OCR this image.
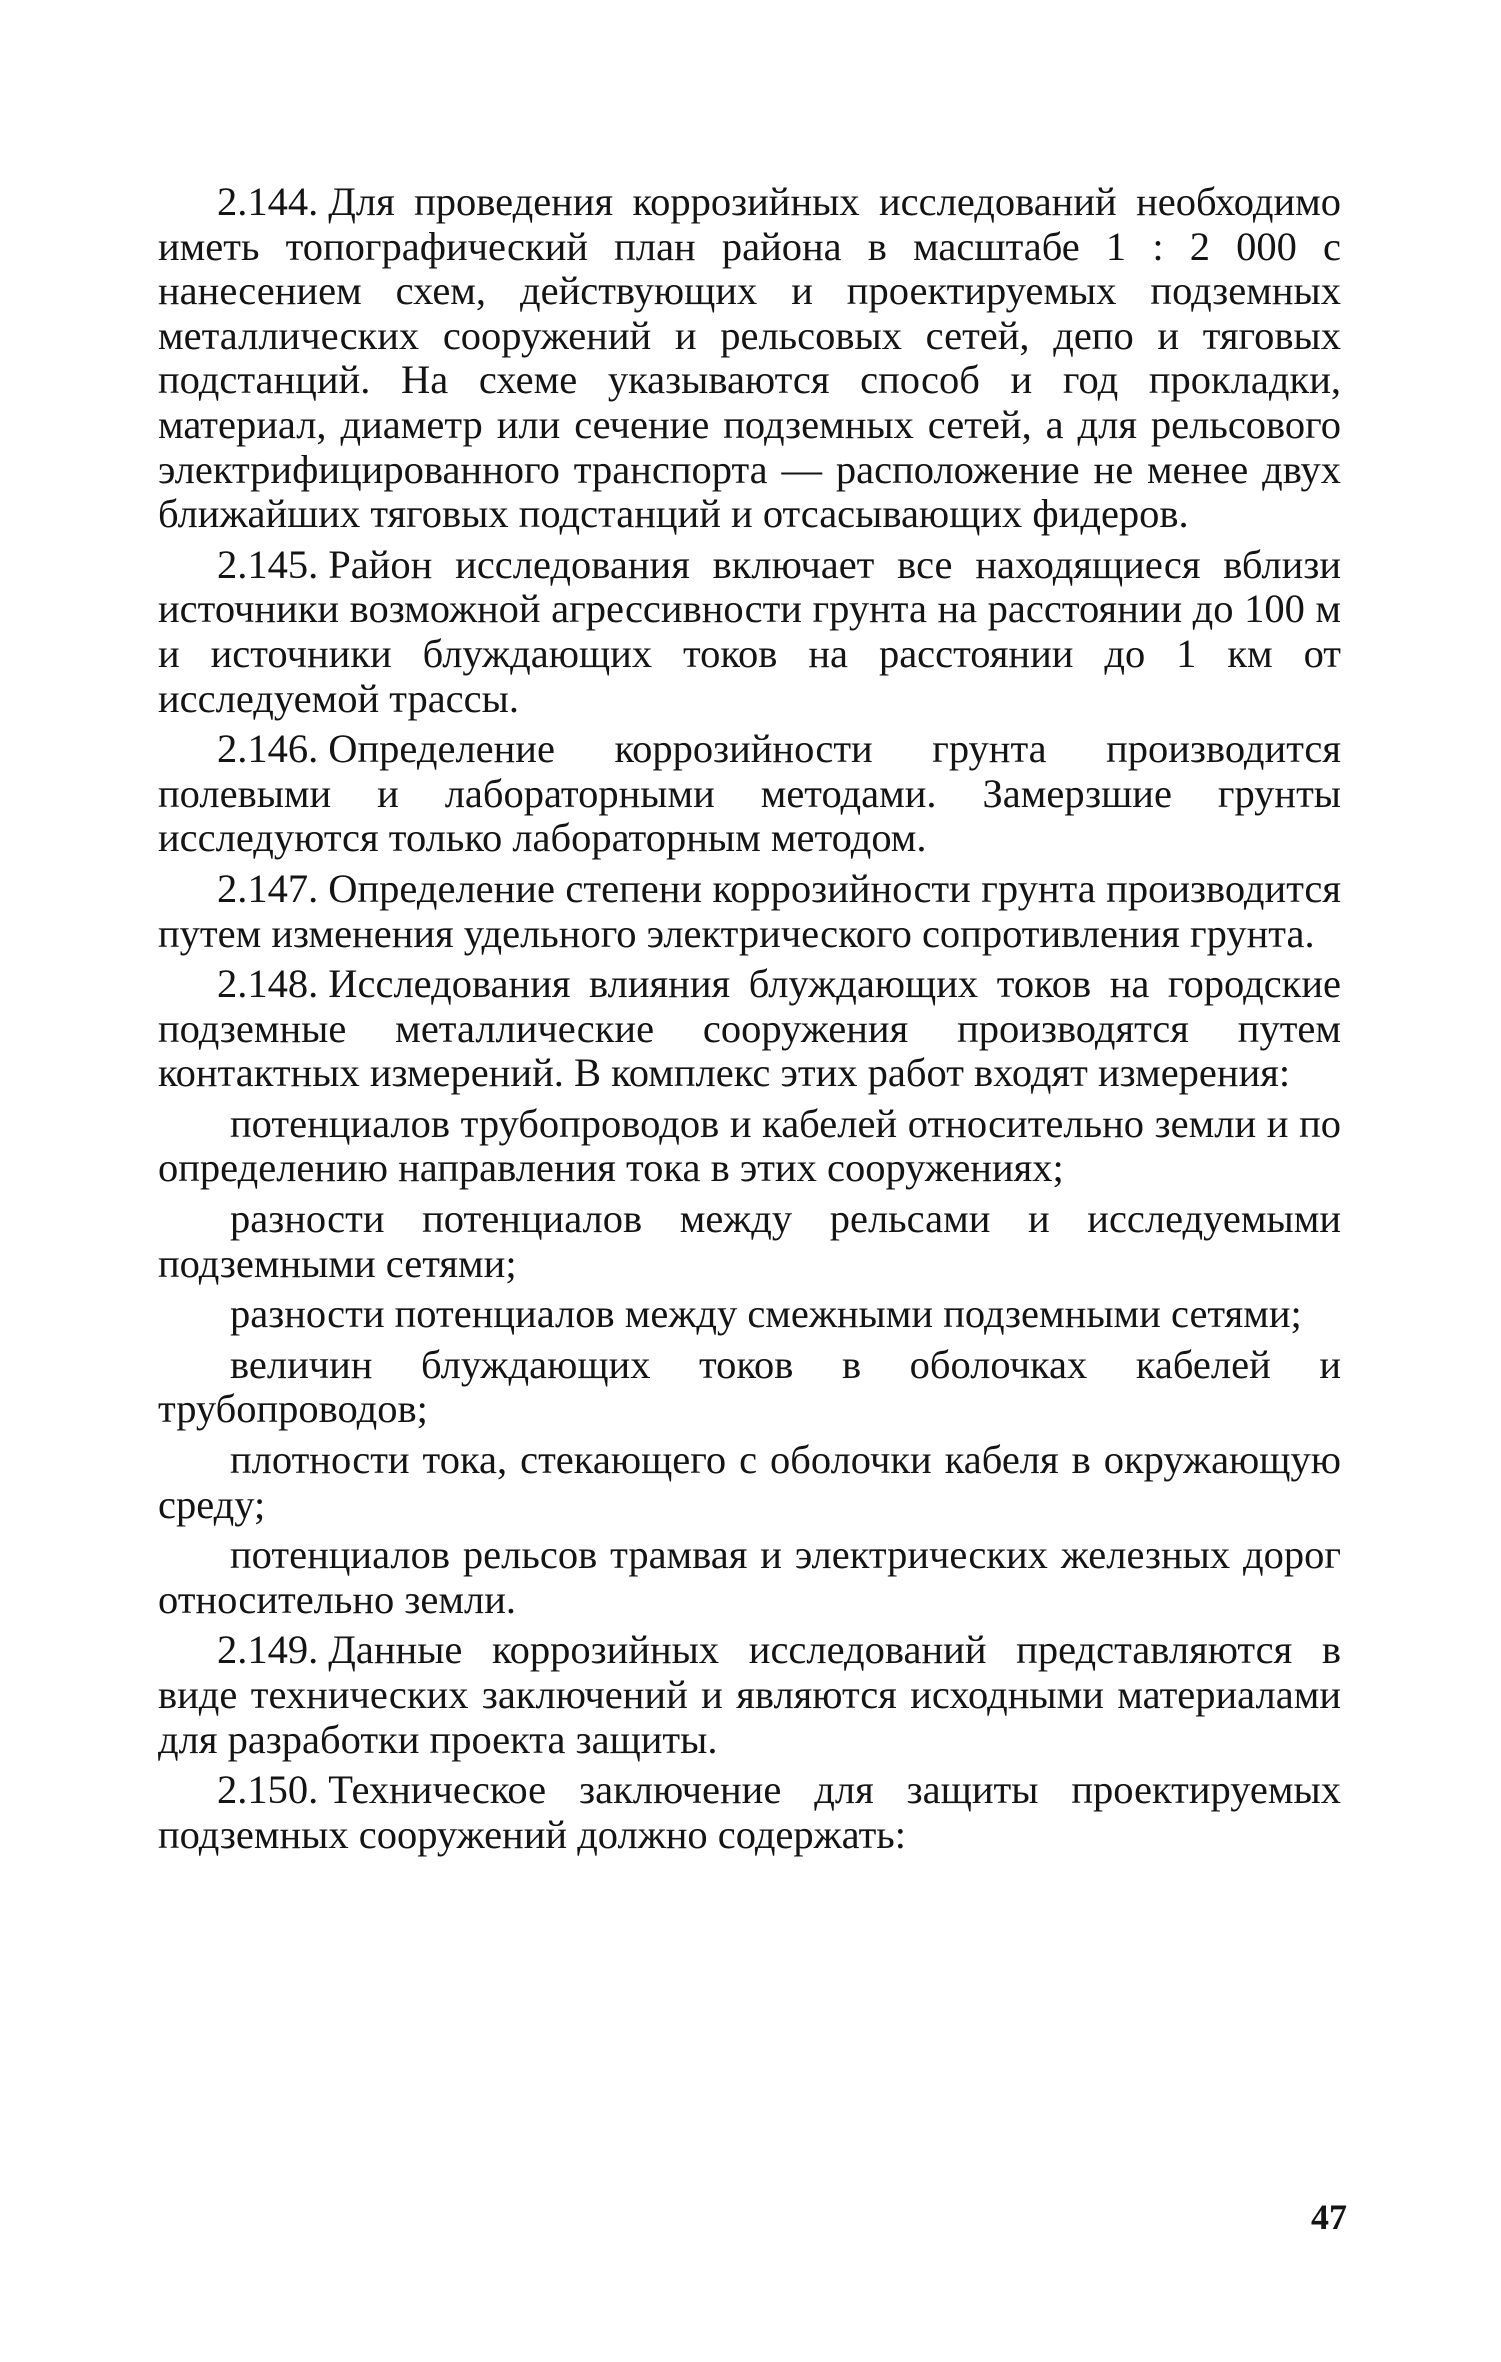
2.144. Для проведения коррозийных исследований необходимо иметь топографический план района в масштабе 1 : 2 000 с нанесением схем, действующих и проектируемых подземных металлических сооружений и рельсовых сетей, депо и тяговых подстанций. На схеме указываются способ и год прокладки, материал, диаметр или сечение подземных сетей, а для рельсового электрифицированного транспорта — расположение не менее двух ближайших тяговых подстанций и отсасывающих фидеров.

2.145. Район исследования включает все находящиеся вблизи источники возможной агрессивности грунта на расстоянии до 100 м и источники блуждающих токов на расстоянии до 1 км от исследуемой трассы.

2.146. Определение коррозийности грунта производится полевыми и лабораторными методами. Замерзшие грунты исследуются только лабораторным методом.

2.147. Определение степени коррозийности грунта производится путем изменения удельного электрического сопротивления грунта.

2.148. Исследования влияния блуждающих токов на городские подземные металлические сооружения производятся путем контактных измерений. В комплекс этих работ входят измерения:

потенциалов трубопроводов и кабелей относительно земли и по определению направления тока в этих сооружениях;

разности потенциалов между рельсами и исследуемыми подземными сетями;

разности потенциалов между смежными подземными сетями;

величин блуждающих токов в оболочках кабелей и трубопроводов;

плотности тока, стекающего с оболочки кабеля в окружающую среду;

потенциалов рельсов трамвая и электрических железных дорог относительно земли.

2.149. Данные коррозийных исследований представляются в виде технических заключений и являются исходными материалами для разработки проекта защиты.

2.150. Техническое заключение для защиты проектируемых подземных сооружений должно содержать:

47
